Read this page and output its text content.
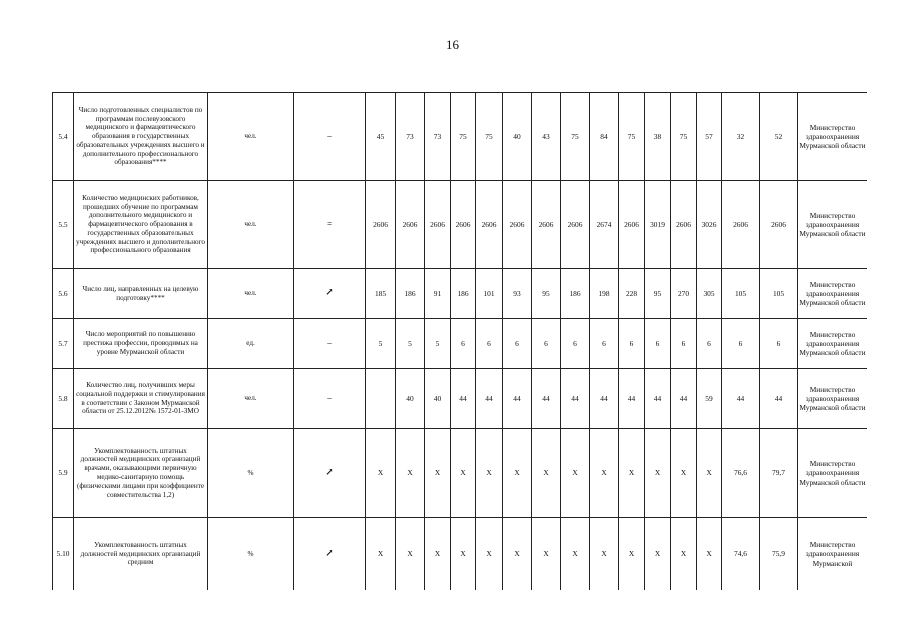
16
5.4	Число подготовленных специалистов по программам послевузовского медицинского и фармацевтического образования в государственных образовательных учреждениях высшего и дополнительного профессионального образования****	чел.	–	45	73	73	75	75	40	43	75	84	75	38	75	57	32	52	Министерство здравоохранения Мурманской области
5.5	Количество медицинских работников, прошедших обучение по программам дополнительного медицинского и фармацевтического образования в государственных образовательных учреждениях высшего и дополнительного профессионального образования	чел.	=	2606	2606	2606	2606	2606	2606	2606	2606	2674	2606	3019	2606	3026	2606	2606	Министерство здравоохранения Мурманской области
5.6	Число лиц, направленных на целевую подготовку****	чел.	↗	185	186	91	186	101	93	95	186	198	228	95	270	305	105	105	Министерство здравоохранения Мурманской области
5.7	Число мероприятий по повышению престижа профессии, проводимых на уровне Мурманской области	ед.	–	5	5	5	6	6	6	6	6	6	6	6	6	6	6	6	Министерство здравоохранения Мурманской области
5.8	Количество лиц, получивших меры социальной поддержки и стимулирования в соответствии с Законом Мурманской области от 25.12.2012№ 1572-01-ЗМО	чел.	–		40	40	44	44	44	44	44	44	44	44	44	59	44	44	Министерство здравоохранения Мурманской области
5.9	Укомплектованность штатных должностей медицинских организаций врачами, оказывающими первичную медико-санитарную помощь (физическими лицами при коэффициенте совместительства 1,2)	%	↗	X	X	X	X	X	X	X	X	X	X	X	X	X	76,6	79,7	Министерство здравоохранения Мурманской области
5.10	Укомплектованность штатных должностей медицинских организаций средним	%	↗	X	X	X	X	X	X	X	X	X	X	X	X	X	74,6	75,9	Министерство здравоохранения Мурманской
